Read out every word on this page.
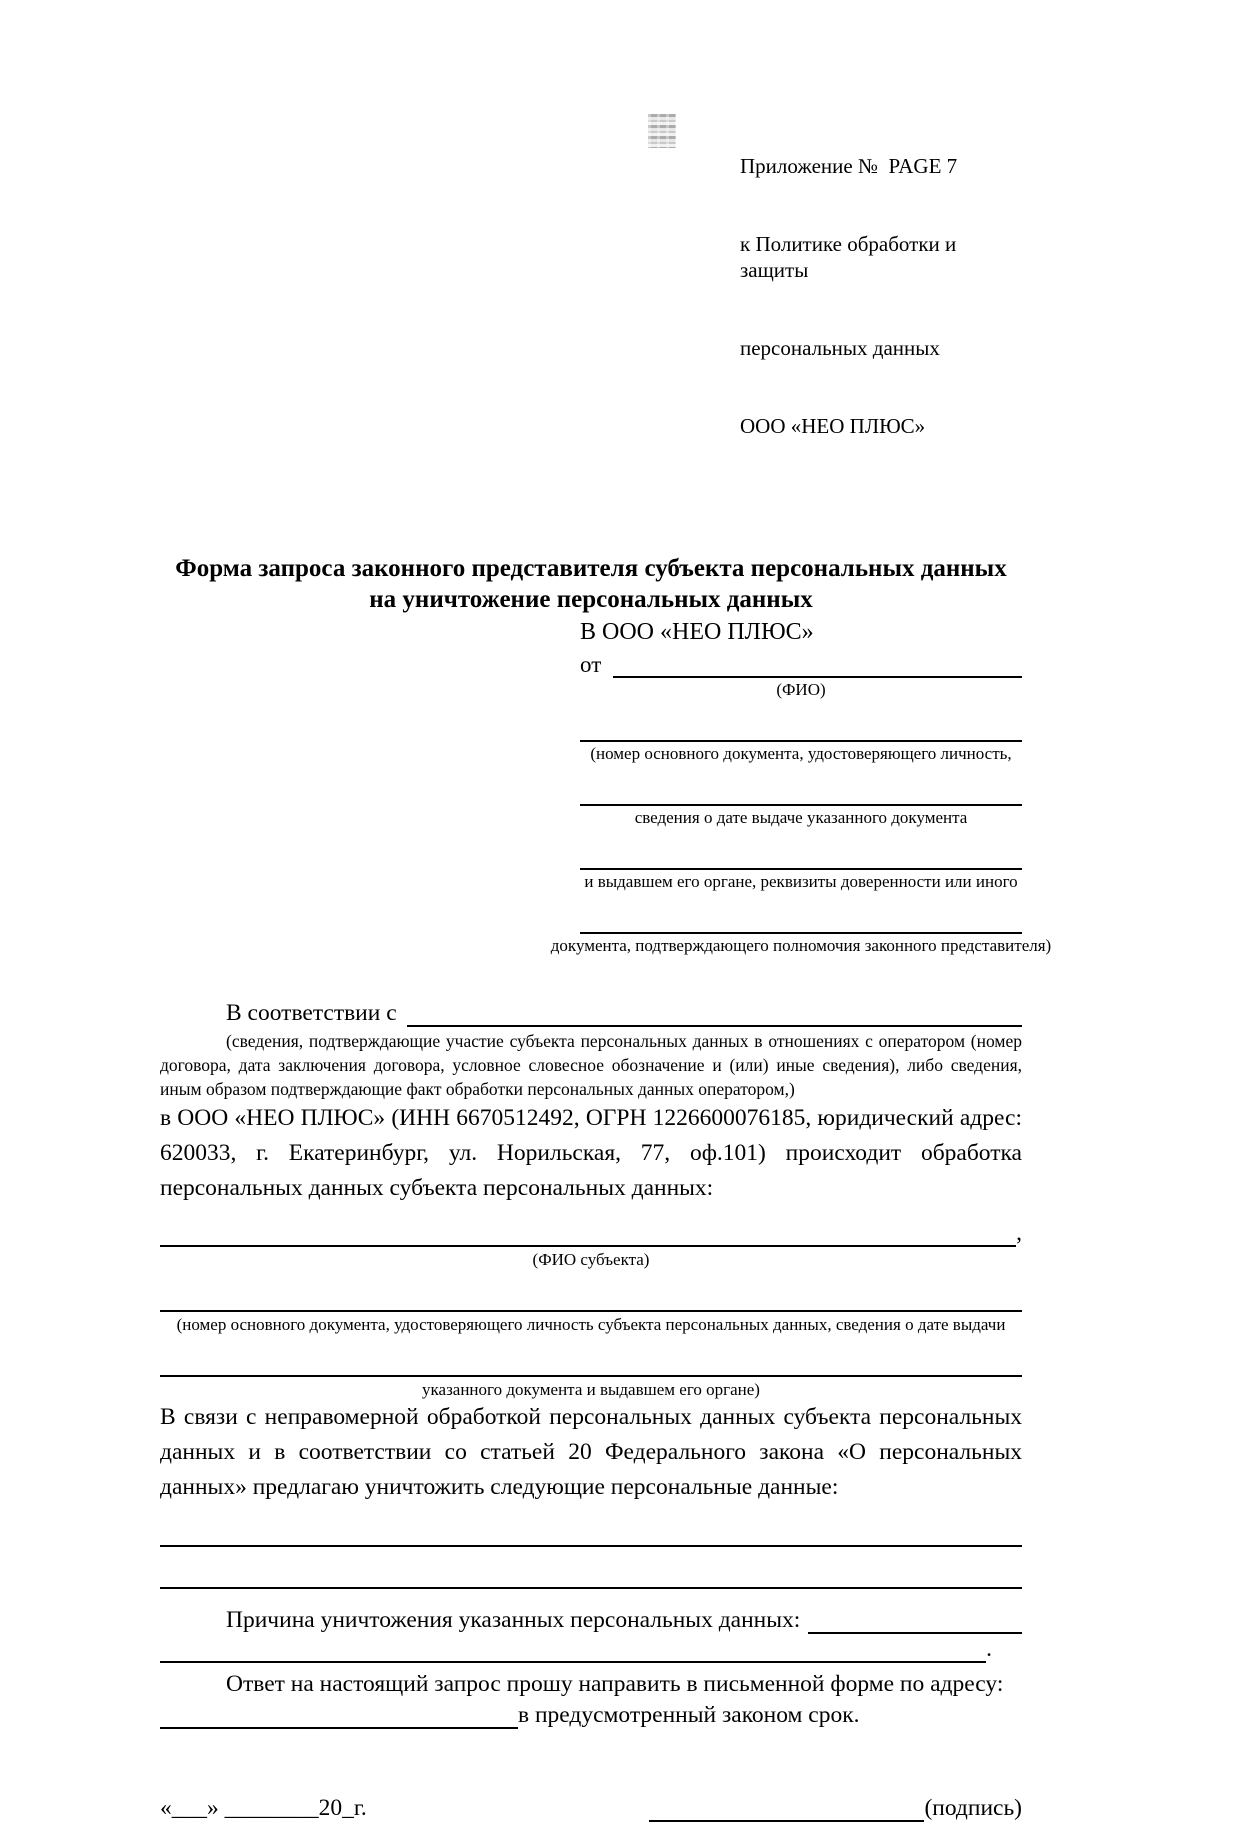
Приложение №  PAGE 7

к Политике обработки и защиты

персональных данных

ООО «НЕО ПЛЮС»

Форма запроса законного представителя субъекта персональных данных
на уничтожение персональных данных
В ООО «НЕО ПЛЮС»
от
(ФИО)
(номер основного документа, удостоверяющего личность,
сведения о дате выдаче указанного документа
и выдавшем его органе, реквизиты доверенности или иного
документа, подтверждающего полномочия законного представителя)
В соответствии с
(сведения, подтверждающие участие субъекта персональных данных в отношениях с оператором (номер договора, дата заключения договора, условное словесное обозначение и (или) иные сведения), либо сведения, иным образом подтверждающие факт обработки персональных данных оператором,)
в ООО «НЕО ПЛЮС» (ИНН 6670512492, ОГРН 1226600076185, юридический адрес: 620033, г. Екатеринбург, ул. Норильская, 77, оф.101) происходит обработка персональных данных субъекта персональных данных:
,
(ФИО субъекта)
(номер основного документа, удостоверяющего личность субъекта персональных данных, сведения о дате выдачи
указанного документа и выдавшем его органе)
В связи с неправомерной обработкой персональных данных субъекта персональных данных и в соответствии со статьей 20 Федерального закона «О персональных данных» предлагаю уничтожить следующие персональные данные:
Причина уничтожения указанных персональных данных:
.
Ответ на настоящий запрос прошу направить в письменной форме по адресу:
в предусмотренный законом срок.
«___» ________20_г.	(подпись)
